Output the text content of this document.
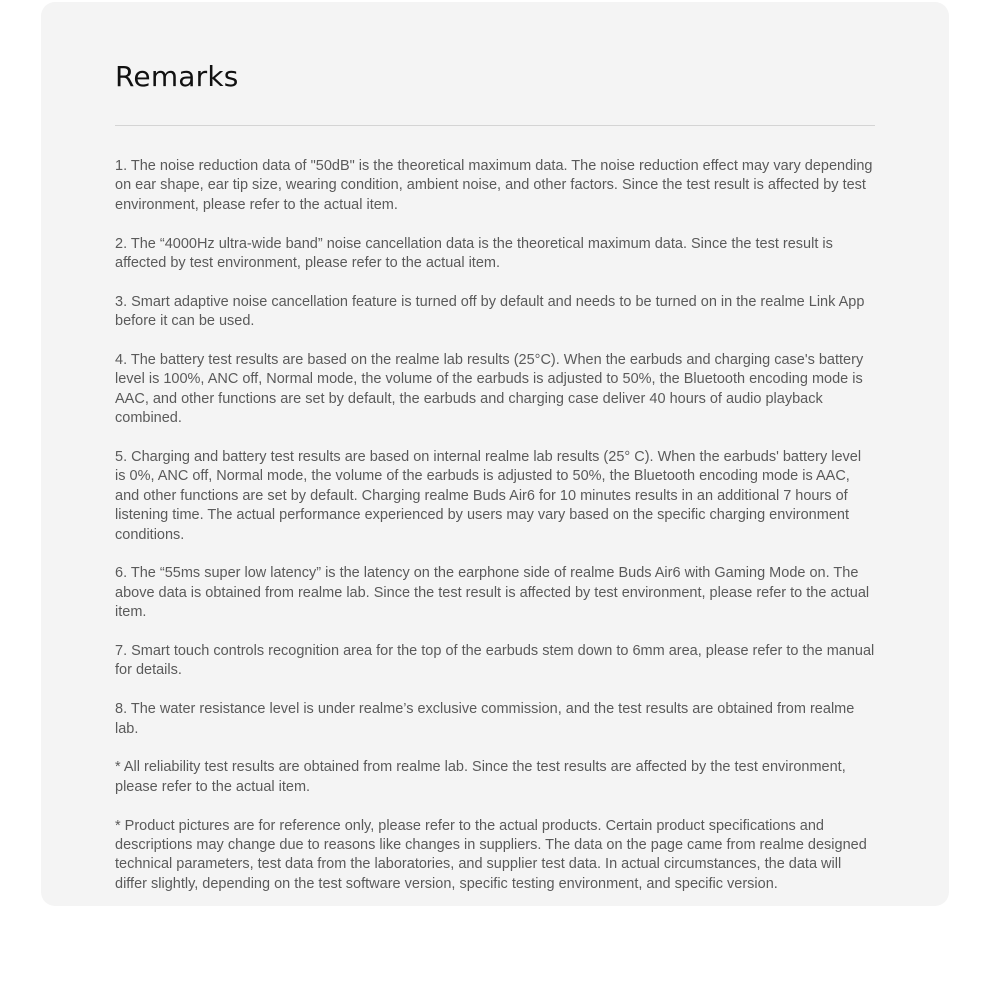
Remarks

1. The noise reduction data of "50dB" is the theoretical maximum data. The noise reduction effect may vary depending on ear shape, ear tip size, wearing condition, ambient noise, and other factors. Since the test result is affected by test environment, please refer to the actual item.

2. The “4000Hz ultra-wide band” noise cancellation data is the theoretical maximum data. Since the test result is affected by test environment, please refer to the actual item.

3. Smart adaptive noise cancellation feature is turned off by default and needs to be turned on in the realme Link App before it can be used.

4. The battery test results are based on the realme lab results (25°C). When the earbuds and charging case's battery level is 100%, ANC off, Normal mode, the volume of the earbuds is adjusted to 50%, the Bluetooth encoding mode is AAC, and other functions are set by default, the earbuds and charging case deliver 40 hours of audio playback combined.

5. Charging and battery test results are based on internal realme lab results (25° C). When the earbuds' battery level is 0%, ANC off, Normal mode, the volume of the earbuds is adjusted to 50%, the Bluetooth encoding mode is AAC, and other functions are set by default. Charging realme Buds Air6 for 10 minutes results in an additional 7 hours of listening time. The actual performance experienced by users may vary based on the specific charging environment conditions.

6. The “55ms super low latency” is the latency on the earphone side of realme Buds Air6 with Gaming Mode on. The above data is obtained from realme lab. Since the test result is affected by test environment, please refer to the actual item.

7. Smart touch controls recognition area for the top of the earbuds stem down to 6mm area, please refer to the manual for details.

8. The water resistance level is under realme’s exclusive commission, and the test results are obtained from realme lab.

* All reliability test results are obtained from realme lab. Since the test results are affected by the test environment, please refer to the actual item.

* Product pictures are for reference only, please refer to the actual products. Certain product specifications and descriptions may change due to reasons like changes in suppliers. The data on the page came from realme designed technical parameters, test data from the laboratories, and supplier test data. In actual circumstances, the data will differ slightly, depending on the test software version, specific testing environment, and specific version.
